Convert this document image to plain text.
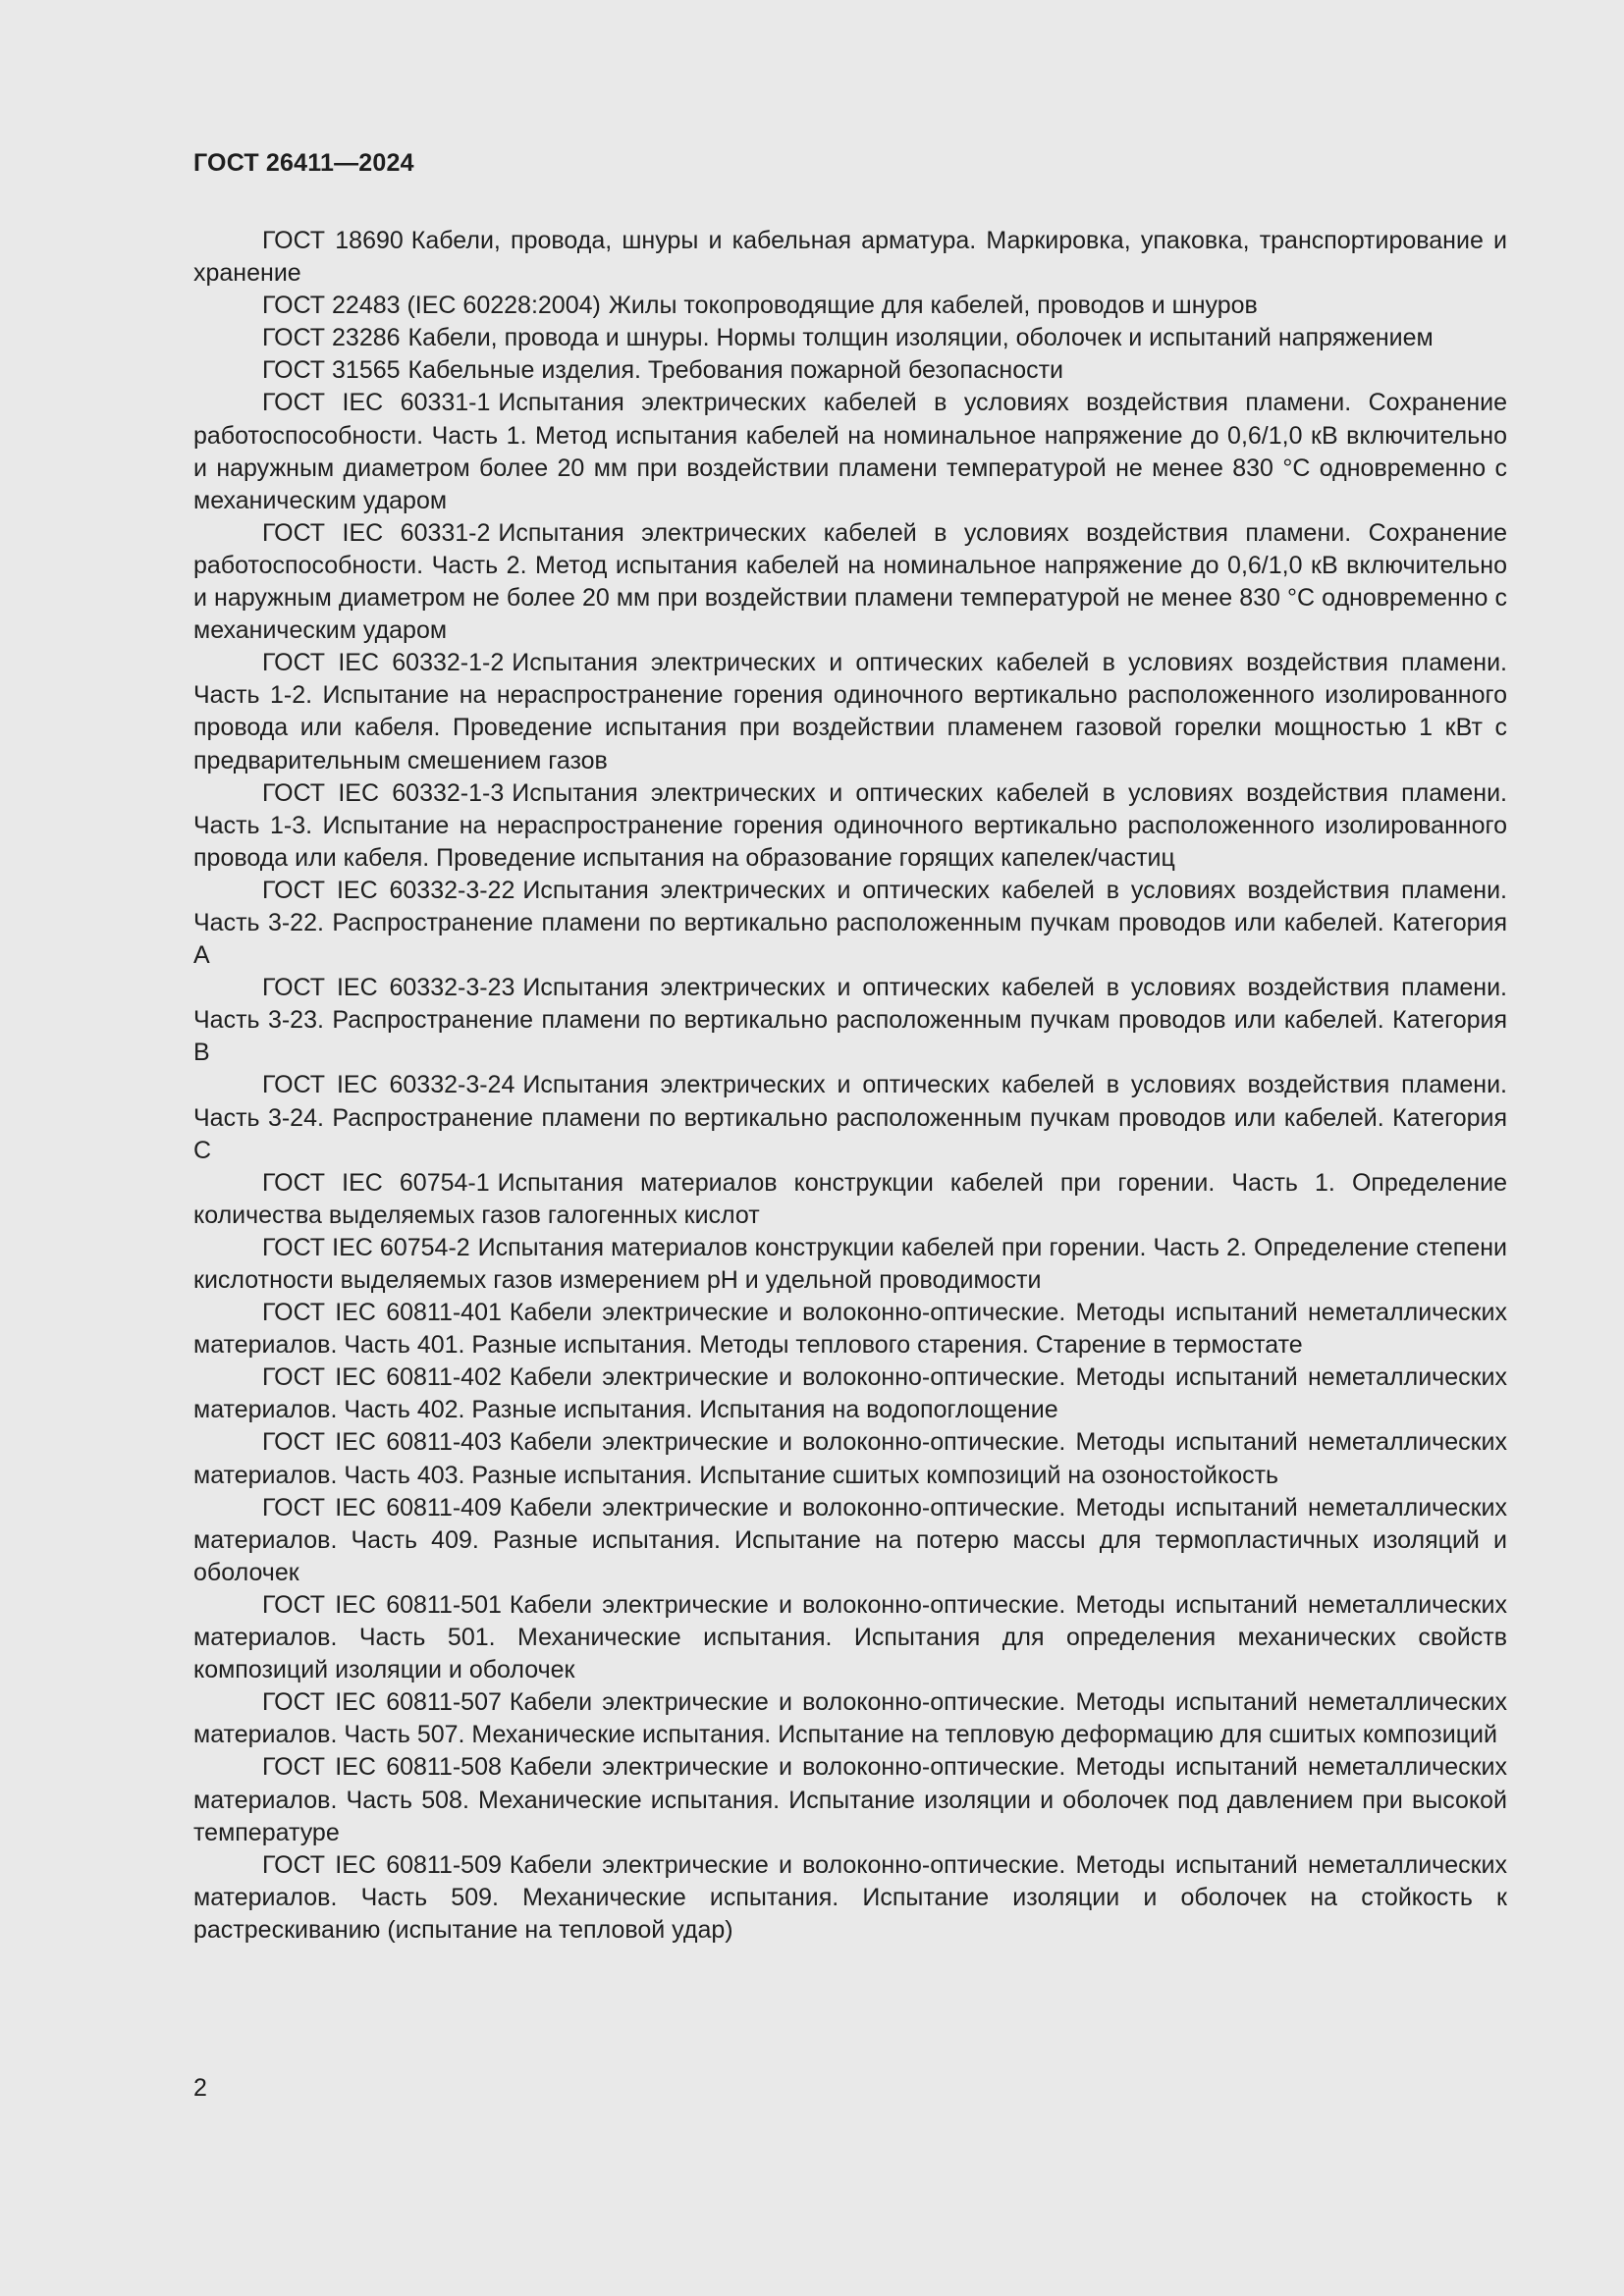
ГОСТ 26411—2024

ГОСТ 18690 Кабели, провода, шнуры и кабельная арматура. Маркировка, упаковка, транспортирование и хранение

ГОСТ 22483 (IEC 60228:2004) Жилы токопроводящие для кабелей, проводов и шнуров

ГОСТ 23286 Кабели, провода и шнуры. Нормы толщин изоляции, оболочек и испытаний напряжением

ГОСТ 31565 Кабельные изделия. Требования пожарной безопасности

ГОСТ IEC 60331-1 Испытания электрических кабелей в условиях воздействия пламени. Сохранение работоспособности. Часть 1. Метод испытания кабелей на номинальное напряжение до 0,6/1,0 кВ включительно и наружным диаметром более 20 мм при воздействии пламени температурой не менее 830 °С одновременно с механическим ударом

ГОСТ IEC 60331-2 Испытания электрических кабелей в условиях воздействия пламени. Сохранение работоспособности. Часть 2. Метод испытания кабелей на номинальное напряжение до 0,6/1,0 кВ включительно и наружным диаметром не более 20 мм при воздействии пламени температурой не менее 830 °С одновременно с механическим ударом

ГОСТ IEC 60332-1-2 Испытания электрических и оптических кабелей в условиях воздействия пламени. Часть 1-2. Испытание на нераспространение горения одиночного вертикально расположенного изолированного провода или кабеля. Проведение испытания при воздействии пламенем газовой горелки мощностью 1 кВт с предварительным смешением газов

ГОСТ IEC 60332-1-3 Испытания электрических и оптических кабелей в условиях воздействия пламени. Часть 1-3. Испытание на нераспространение горения одиночного вертикально расположенного изолированного провода или кабеля. Проведение испытания на образование горящих капелек/частиц

ГОСТ IEC 60332-3-22 Испытания электрических и оптических кабелей в условиях воздействия пламени. Часть 3-22. Распространение пламени по вертикально расположенным пучкам проводов или кабелей. Категория А

ГОСТ IEC 60332-3-23 Испытания электрических и оптических кабелей в условиях воздействия пламени. Часть 3-23. Распространение пламени по вертикально расположенным пучкам проводов или кабелей. Категория В

ГОСТ IEC 60332-3-24 Испытания электрических и оптических кабелей в условиях воздействия пламени. Часть 3-24. Распространение пламени по вертикально расположенным пучкам проводов или кабелей. Категория С

ГОСТ IEC 60754-1 Испытания материалов конструкции кабелей при горении. Часть 1. Определение количества выделяемых газов галогенных кислот

ГОСТ IEC 60754-2 Испытания материалов конструкции кабелей при горении. Часть 2. Определение степени кислотности выделяемых газов измерением pH и удельной проводимости

ГОСТ IEC 60811-401 Кабели электрические и волоконно-оптические. Методы испытаний неметаллических материалов. Часть 401. Разные испытания. Методы теплового старения. Старение в термостате

ГОСТ IEC 60811-402 Кабели электрические и волоконно-оптические. Методы испытаний неметаллических материалов. Часть 402. Разные испытания. Испытания на водопоглощение

ГОСТ IEC 60811-403 Кабели электрические и волоконно-оптические. Методы испытаний неметаллических материалов. Часть 403. Разные испытания. Испытание сшитых композиций на озоностойкость

ГОСТ IEC 60811-409 Кабели электрические и волоконно-оптические. Методы испытаний неметаллических материалов. Часть 409. Разные испытания. Испытание на потерю массы для термопластичных изоляций и оболочек

ГОСТ IEC 60811-501 Кабели электрические и волоконно-оптические. Методы испытаний неметаллических материалов. Часть 501. Механические испытания. Испытания для определения механических свойств композиций изоляции и оболочек

ГОСТ IEC 60811-507 Кабели электрические и волоконно-оптические. Методы испытаний неметаллических материалов. Часть 507. Механические испытания. Испытание на тепловую деформацию для сшитых композиций

ГОСТ IEC 60811-508 Кабели электрические и волоконно-оптические. Методы испытаний неметаллических материалов. Часть 508. Механические испытания. Испытание изоляции и оболочек под давлением при высокой температуре

ГОСТ IEC 60811-509 Кабели электрические и волоконно-оптические. Методы испытаний неметаллических материалов. Часть 509. Механические испытания. Испытание изоляции и оболочек на стойкость к растрескиванию (испытание на тепловой удар)

2
